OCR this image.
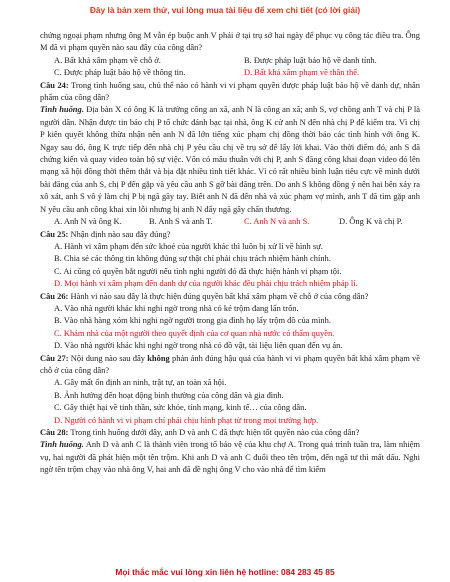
Đây là bản xem thử, vui lòng mua tài liệu để xem chi tiết (có lời giải)

chứng ngoại phạm nhưng ông M vẫn ép buộc anh V phải ở tại trụ sở hai ngày để phục vụ công tác điều tra. Ông M đã vi phạm quyền nào sau đây của công dân?

A. Bất khả xâm phạm về chỗ ở.	B. Được pháp luật bảo hộ về danh tính.
C. Được pháp luật bảo hộ về thông tin.	D. Bất khả xâm phạm về thân thể.

Câu 24: Trong tình huống sau, chủ thể nào có hành vi vi phạm quyền được pháp luật bảo hộ về danh dự, nhân phẩm của công dân?

Tình huống. Địa bàn X có ông K là trưởng công an xã, anh N là công an xã; anh S, vợ chồng anh T và chị P là người dân. Nhận được tin báo chị P tổ chức đánh bạc tại nhà, ông K cử anh N đến nhà chị P để kiểm tra. Vì chị P kiên quyết không thừa nhận nên anh N đã lớn tiếng xúc phạm chị đồng thời bảo các tình hình với ông K. Ngay sau đó, ông K trực tiếp đến nhà chị P yêu cầu chị về trụ sở để lấy lời khai. Vào thời điểm đó, anh S đã chứng kiến và quay video toàn bộ sự việc. Vốn có mâu thuẫn với chị P, anh S đăng công khai đoạn video đó lên mạng xã hội đồng thời thêm thắt và bịa đặt nhiều tình tiết khác. Vì có rất nhiều bình luận tiêu cực về mình dưới bài đăng của anh S, chị P đến gặp và yêu cầu anh S gỡ bài đăng trên. Do anh S không đồng ý nên hai bên xảy ra xô xát, anh S vô ý làm chị P bị ngã gãy tay. Biết anh N đã đến nhà và xúc phạm vợ mình, anh T đã tìm gặp anh N yêu cầu anh công khai xin lỗi nhưng bị anh N đẩy ngã gây chấn thương.

A. Anh N và ông K.	B. Anh S và anh T.	C. Anh N và anh S.	D. Ông K và chị P.

Câu 25: Nhận định nào sau đây đúng?

A. Hành vi xâm phạm đến sức khoẻ của người khác thì luôn bị xử lí về hình sự.
B. Chia sẻ các thông tin không đúng sự thật chỉ phải chịu trách nhiệm hành chính.
C. Ai cũng có quyền bắt người nếu tình nghi người đó đã thực hiện hành vi phạm tội.
D. Mọi hành vi xâm phạm đến danh dự của người khác đều phải chịu trách nhiệm pháp lí.

Câu 26: Hành vi nào sau đây là thực hiện đúng quyền bất khả xâm phạm về chỗ ở của công dân?

A. Vào nhà người khác khi nghi ngờ trong nhà có kẻ trộm đang lẩn trốn.
B. Vào nhà hàng xóm khi nghi ngờ người trong gia đình họ lấy trộm đồ của mình.
C. Khám nhà của một người theo quyết định của cơ quan nhà nước có thẩm quyền.
D. Vào nhà người khác khi nghi ngờ trong nhà có đồ vật, tài liệu liên quan đến vụ án.

Câu 27: Nội dung nào sau đây không phản ánh đúng hậu quả của hành vi vi phạm quyền bất khả xâm phạm về chỗ ở của công dân?

A. Gây mất ổn định an ninh, trật tự, an toàn xã hội.
B. Ảnh hưởng đến hoạt động bình thường của công dân và gia đình.
C. Gây thiệt hại về tinh thần, sức khỏe, tính mạng, kinh tế… của công dân.
D. Người có hành vi vi phạm chỉ phải chịu hình phạt từ trong mọi trường hợp.

Câu 28: Trong tình huống dưới đây, anh D và anh C đã thực hiện tốt quyền nào của công dân?

Tình huống. Anh D và anh C là thành viên trong tổ bảo vệ của khu chợ A. Trong quá trình tuần tra, làm nhiệm vụ, hai người đã phát hiện một tên trộm. Khi anh D và anh C đuổi theo tên trộm, đến ngã tư thì mất dấu. Nghi ngờ tên trộm chạy vào nhà ông V, hai anh đã đề nghị ông V cho vào nhà để tìm kiếm

Mọi thắc mắc vui lòng xin liên hệ hotline: 084 283 45 85
